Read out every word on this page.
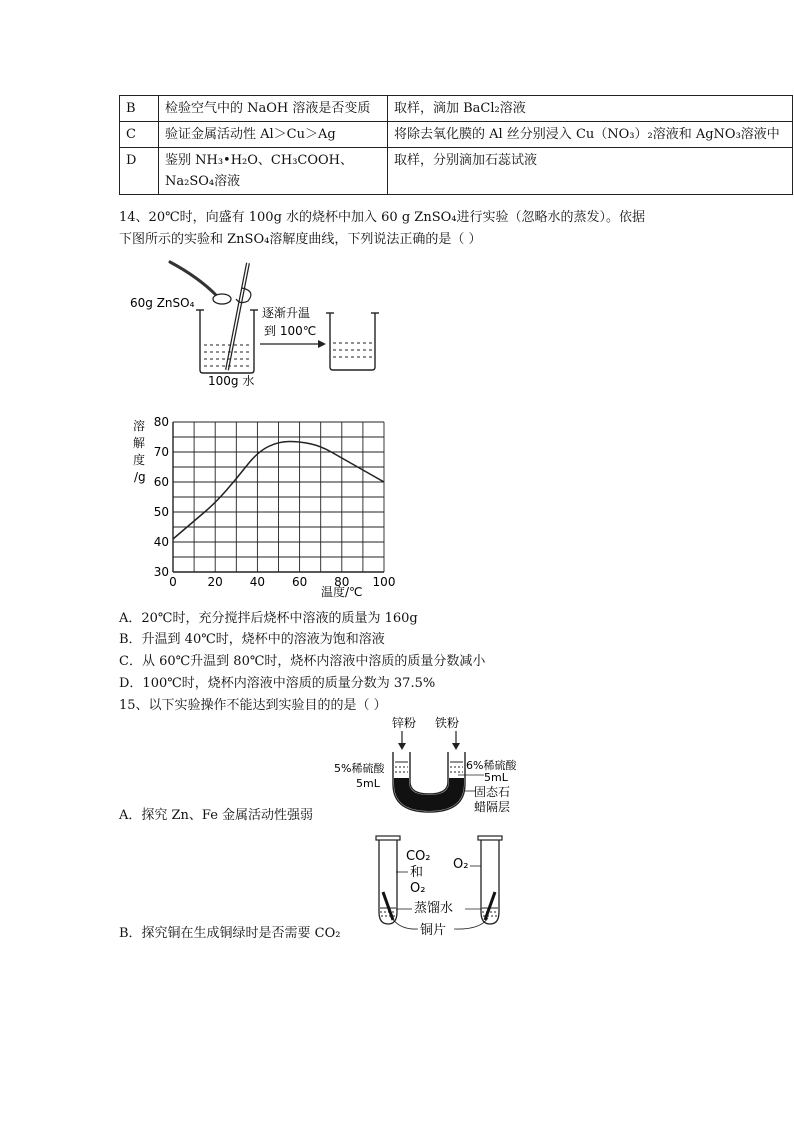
B	检验空气中的 NaOH 溶液是否变质	取样，滴加 BaCl₂溶液
C	验证金属活动性 Al＞Cu＞Ag	将除去氧化膜的 Al 丝分别浸入 Cu（NO₃）₂溶液和 AgNO₃溶液中
D	鉴别 NH₃•H₂O、CH₃COOH、Na₂SO₄溶液	取样，分别滴加石蕊试液
14、20℃时，向盛有 100g 水的烧杯中加入 60 g ZnSO₄进行实验（忽略水的蒸发）。依据
下图所示的实验和 ZnSO₄溶解度曲线，下列说法正确的是（ ）
60g ZnSO₄
100g 水
逐渐升温
到 100℃
溶
解
度
/g
30
40
50
60
70
80
0	20 40 60 80 100
温度/℃
A．20℃时，充分搅拌后烧杯中溶液的质量为 160g
B．升温到 40℃时，烧杯中的溶液为饱和溶液
C．从 60℃升温到 80℃时，烧杯内溶液中溶质的质量分数减小
D．100℃时，烧杯内溶液中溶质的质量分数为 37.5%
15、以下实验操作不能达到实验目的的是（ ）
锌粉 铁粉
5%稀硫酸
5mL
6%稀硫酸
5mL
固态石
蜡隔层
A．探究 Zn、Fe 金属活动性强弱
CO₂
和
O₂
O₂
蒸馏水
铜片
B．探究铜在生成铜绿时是否需要 CO₂
